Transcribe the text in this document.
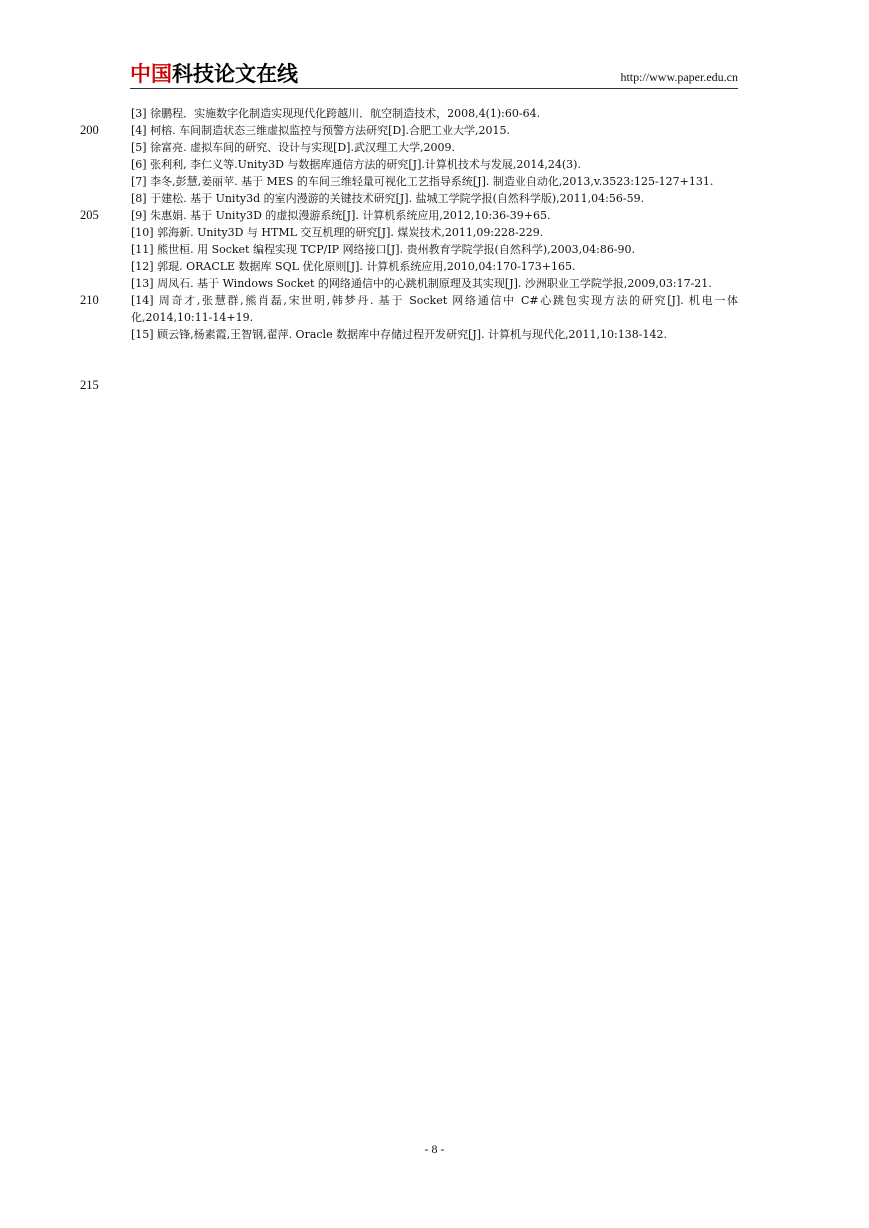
中国科技论文在线	http://www.paper.edu.cn
200
205
210
215

[3] 徐鹏程．实施数字化制造实现现代化跨越川．航空制造技术，2008,4(1):60-64.

[4] 柯榕. 车间制造状态三维虚拟监控与预警方法研究[D].合肥工业大学,2015.

[5] 徐富亮. 虚拟车间的研究、设计与实现[D].武汉理工大学,2009.

[6] 张利利, 李仁义等.Unity3D 与数据库通信方法的研究[J].计算机技术与发展,2014,24(3).

[7] 李冬,彭慧,姜丽苹. 基于 MES 的车间三维轻量可视化工艺指导系统[J]. 制造业自动化,2013,v.3523:125-127+131.

[8] 于建松. 基于 Unity3d 的室内漫游的关键技术研究[J]. 盐城工学院学报(自然科学版),2011,04:56-59.

[9] 朱惠娟. 基于 Unity3D 的虚拟漫游系统[J]. 计算机系统应用,2012,10:36-39+65.

[10] 郭海新. Unity3D 与 HTML 交互机理的研究[J]. 煤炭技术,2011,09:228-229.

[11] 熊世桓. 用 Socket 编程实现 TCP/IP 网络接口[J]. 贵州教育学院学报(自然科学),2003,04:86-90.

[12] 郭琨. ORACLE 数据库 SQL 优化原则[J]. 计算机系统应用,2010,04:170-173+165.

[13] 周凤石. 基于 Windows Socket 的网络通信中的心跳机制原理及其实现[J]. 沙洲职业工学院学报,2009,03:17-21.

[14] 周奇才,张慧群,熊肖磊,宋世明,韩梦丹. 基于 Socket 网络通信中 C#心跳包实现方法的研究[J]. 机电一体化,2014,10:11-14+19.

[15] 顾云锋,杨素霞,王智钢,翟萍. Oracle 数据库中存储过程开发研究[J]. 计算机与现代化,2011,10:138-142.

- 8 -
